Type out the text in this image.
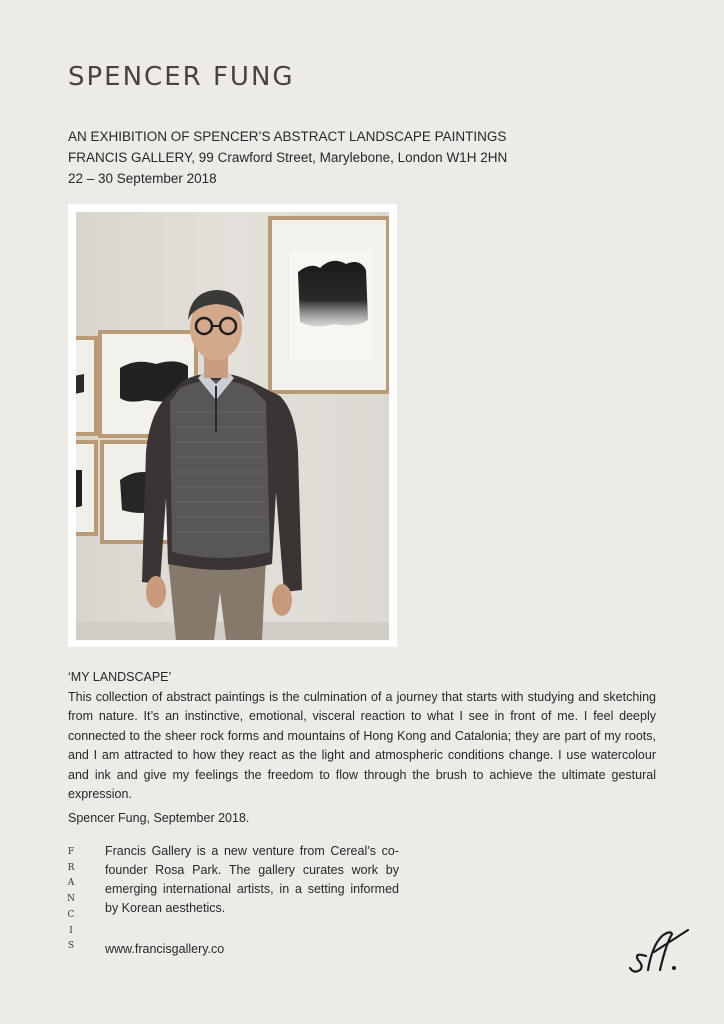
SPENCER FUNG
AN EXHIBITION OF SPENCER’S ABSTRACT LANDSCAPE PAINTINGS
FRANCIS GALLERY, 99 Crawford Street, Marylebone, London W1H 2HN
22 – 30 September 2018
‘MY LANDSCAPE’
This collection of abstract paintings is the culmination of a journey that starts with studying and sketching from nature. It’s an instinctive, emotional, visceral reaction to what I see in front of me. I feel deeply connected to the sheer rock forms and mountains of Hong Kong and Catalonia; they are part of my roots, and I am attracted to how they react as the light and atmospheric conditions change. I use watercolour and ink and give my feelings the freedom to flow through the brush to achieve the ultimate gestural expression.
Spencer Fung, September 2018.
F
R
A
N
C
I
S
Francis Gallery is a new venture from Cereal’s co-founder Rosa Park. The gallery curates work by emerging international artists, in a setting informed by Korean aesthetics.
www.francisgallery.co
